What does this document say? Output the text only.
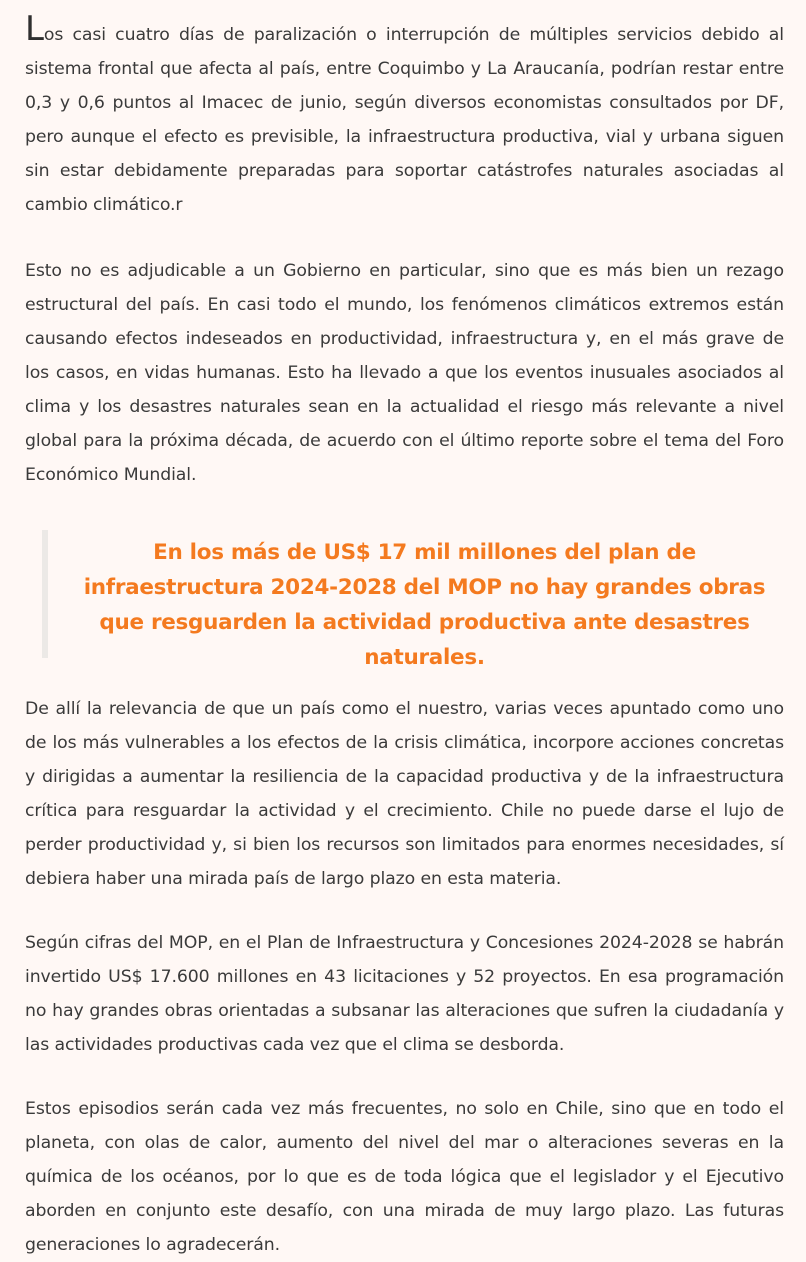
Los casi cuatro días de paralización o interrupción de múltiples servicios debido al sistema frontal que afecta al país, entre Coquimbo y La Araucanía, podrían restar entre 0,3 y 0,6 puntos al Imacec de junio, según diversos economistas consultados por DF, pero aunque el efecto es previsible, la infraestructura productiva, vial y urbana siguen sin estar debidamente preparadas para soportar catástrofes naturales asociadas al cambio climático.r

Esto no es adjudicable a un Gobierno en particular, sino que es más bien un rezago estructural del país. En casi todo el mundo, los fenómenos climáticos extremos están causando efectos indeseados en productividad, infraestructura y, en el más grave de los casos, en vidas humanas. Esto ha llevado a que los eventos inusuales asociados al clima y los desastres naturales sean en la actualidad el riesgo más relevante a nivel global para la próxima década, de acuerdo con el último reporte sobre el tema del Foro Económico Mundial.

En los más de US$ 17 mil millones del plan de infraestructura 2024-2028 del MOP no hay grandes obras que resguarden la actividad productiva ante desastres naturales.

De allí la relevancia de que un país como el nuestro, varias veces apuntado como uno de los más vulnerables a los efectos de la crisis climática, incorpore acciones concretas y dirigidas a aumentar la resiliencia de la capacidad productiva y de la infraestructura crítica para resguardar la actividad y el crecimiento. Chile no puede darse el lujo de perder productividad y, si bien los recursos son limitados para enormes necesidades, sí debiera haber una mirada país de largo plazo en esta materia.

Según cifras del MOP, en el Plan de Infraestructura y Concesiones 2024-2028 se habrán invertido US$ 17.600 millones en 43 licitaciones y 52 proyectos. En esa programación no hay grandes obras orientadas a subsanar las alteraciones que sufren la ciudadanía y las actividades productivas cada vez que el clima se desborda.

Estos episodios serán cada vez más frecuentes, no solo en Chile, sino que en todo el planeta, con olas de calor, aumento del nivel del mar o alteraciones severas en la química de los océanos, por lo que es de toda lógica que el legislador y el Ejecutivo aborden en conjunto este desafío, con una mirada de muy largo plazo. Las futuras generaciones lo agradecerán.
